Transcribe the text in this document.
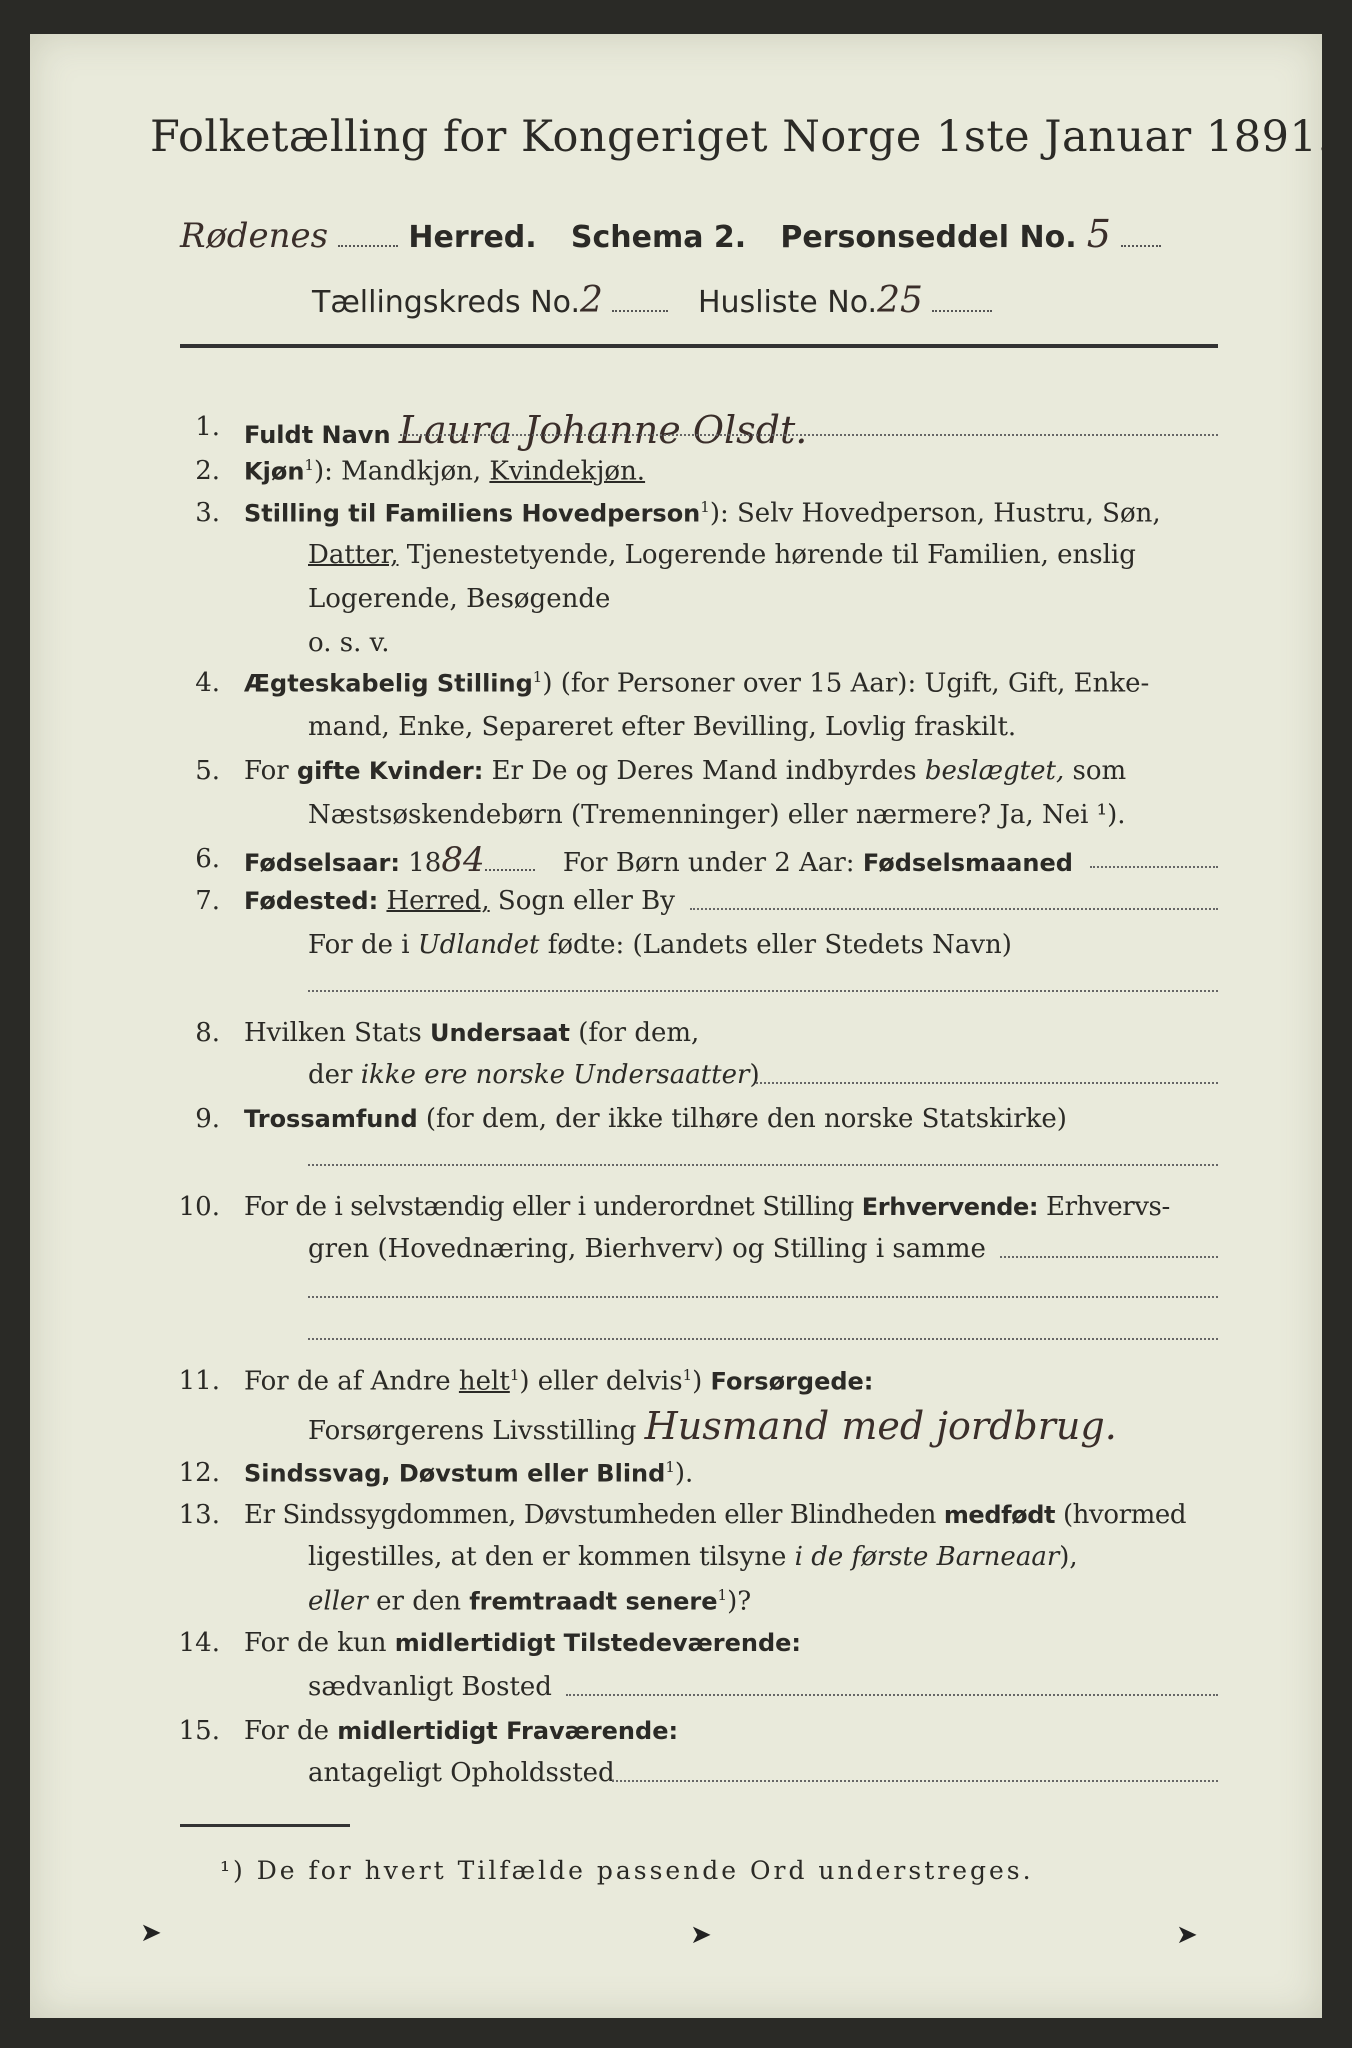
Folketælling for Kongeriget Norge 1ste Januar 1891.
Rødenes	Herred. Schema 2. Personseddel No. 5
Tællingskreds No.2	Husliste No.25
1. Fuldt Navn Laura Johanne Olsdt.
2. Kjøn$^1$): Mandkjøn, Kvindekjøn.
3. Stilling til Familiens Hovedperson$^1$): Selv Hovedperson, Hustru, Søn,
Datter, Tjenestetyende, Logerende hørende til Familien, enslig
Logerende, Besøgende
o. s. v.
4. Ægteskabelig Stilling$^1$) (for Personer over 15 Aar): Ugift, Gift, Enke-
mand, Enke, Separeret efter Bevilling, Lovlig fraskilt.
5. For gifte Kvinder: Er De og Deres Mand indbyrdes beslægtet, som
Næstsøskendebørn (Tremenninger) eller nærmere? Ja, Nei ¹).
6. Fødselsaar: 1884	For Børn under 2 Aar: Fødselsmaaned
7. Fødested: Herred, Sogn eller By
For de i Udlandet fødte: (Landets eller Stedets Navn)
8. Hvilken Stats Undersaat (for dem,
der ikke ere norske Undersaatter)
9. Trossamfund (for dem, der ikke tilhøre den norske Statskirke)
10. For de i selvstændig eller i underordnet Stilling Erhvervende: Erhvervs-
gren (Hovednæring, Bierhverv) og Stilling i samme
11. For de af Andre helt$^1$) eller delvis$^1$) Forsørgede:
Forsørgerens Livsstilling Husmand med jordbrug.
12. Sindssvag, Døvstum eller Blind$^1$).
13. Er Sindssygdommen, Døvstumheden eller Blindheden medfødt (hvormed
ligestilles, at den er kommen tilsyne i de første Barneaar),
eller er den fremtraadt senere$^1$)?
14. For de kun midlertidigt Tilstedeværende:
sædvanligt Bosted
15. For de midlertidigt Fraværende:
antageligt Opholdssted
¹) De for hvert Tilfælde passende Ord understreges.
➤	➤	➤
